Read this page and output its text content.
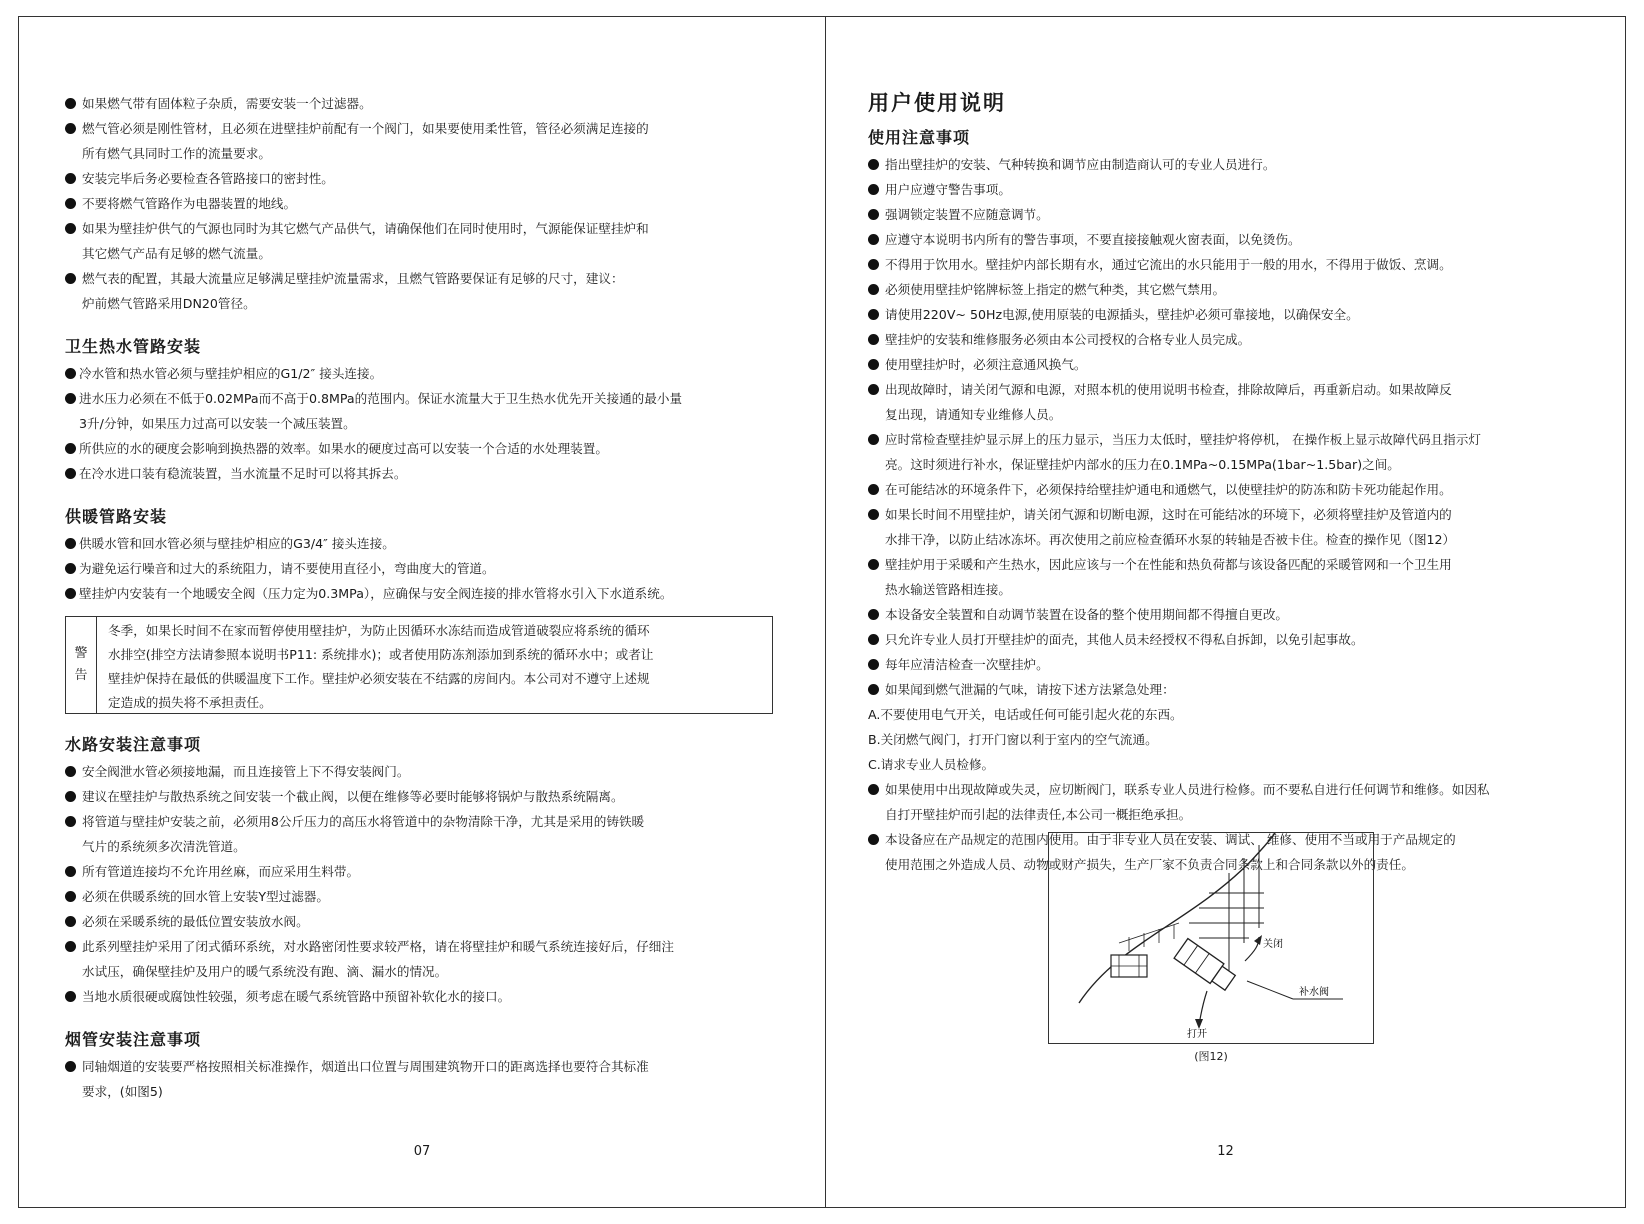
如果燃气带有固体粒子杂质，需要安装一个过滤器。
燃气管必须是刚性管材，且必须在进壁挂炉前配有一个阀门，如果要使用柔性管，管径必须满足连接的
所有燃气具同时工作的流量要求。
安装完毕后务必要检查各管路接口的密封性。
不要将燃气管路作为电器装置的地线。
如果为壁挂炉供气的气源也同时为其它燃气产品供气，请确保他们在同时使用时，气源能保证壁挂炉和
其它燃气产品有足够的燃气流量。
燃气表的配置，其最大流量应足够满足壁挂炉流量需求，且燃气管路要保证有足够的尺寸，建议：
炉前燃气管路采用DN20管径。
卫生热水管路安装
冷水管和热水管必须与壁挂炉相应的G1/2″ 接头连接。
进水压力必须在不低于0.02MPa而不高于0.8MPa的范围内。保证水流量大于卫生热水优先开关接通的最小量
3升/分钟，如果压力过高可以安装一个减压装置。
所供应的水的硬度会影响到换热器的效率。如果水的硬度过高可以安装一个合适的水处理装置。
在冷水进口装有稳流装置，当水流量不足时可以将其拆去。
供暖管路安装
供暖水管和回水管必须与壁挂炉相应的G3/4″ 接头连接。
为避免运行噪音和过大的系统阻力，请不要使用直径小，弯曲度大的管道。
壁挂炉内安装有一个地暖安全阀（压力定为0.3MPa），应确保与安全阀连接的排水管将水引入下水道系统。
警告
冬季，如果长时间不在家而暂停使用壁挂炉，为防止因循环水冻结而造成管道破裂应将系统的循环
水排空(排空方法请参照本说明书P11: 系统排水)；或者使用防冻剂添加到系统的循环水中；或者让
壁挂炉保持在最低的供暖温度下工作。壁挂炉必须安装在不结露的房间内。本公司对不遵守上述规
定造成的损失将不承担责任。
水路安装注意事项
安全阀泄水管必须接地漏，而且连接管上下不得安装阀门。
建议在壁挂炉与散热系统之间安装一个截止阀，以便在维修等必要时能够将锅炉与散热系统隔离。
将管道与壁挂炉安装之前，必须用8公斤压力的高压水将管道中的杂物清除干净，尤其是采用的铸铁暖
气片的系统须多次清洗管道。
所有管道连接均不允许用丝麻，而应采用生料带。
必须在供暖系统的回水管上安装Y型过滤器。
必须在采暖系统的最低位置安装放水阀。
此系列壁挂炉采用了闭式循环系统，对水路密闭性要求较严格，请在将壁挂炉和暖气系统连接好后，仔细注
水试压，确保壁挂炉及用户的暖气系统没有跑、滴、漏水的情况。
当地水质很硬或腐蚀性较强，须考虑在暖气系统管路中预留补软化水的接口。
烟管安装注意事项
同轴烟道的安装要严格按照相关标准操作，烟道出口位置与周围建筑物开口的距离选择也要符合其标准
要求，(如图5)
07
用户使用说明
使用注意事项
指出壁挂炉的安装、气种转换和调节应由制造商认可的专业人员进行。
用户应遵守警告事项。
强调锁定装置不应随意调节。
应遵守本说明书内所有的警告事项，不要直接接触观火窗表面，以免烫伤。
不得用于饮用水。壁挂炉内部长期有水，通过它流出的水只能用于一般的用水，不得用于做饭、烹调。
必须使用壁挂炉铭牌标签上指定的燃气种类，其它燃气禁用。
请使用220V~ 50Hz电源,使用原装的电源插头，壁挂炉必须可靠接地，以确保安全。
壁挂炉的安装和维修服务必须由本公司授权的合格专业人员完成。
使用壁挂炉时，必须注意通风换气。
出现故障时，请关闭气源和电源，对照本机的使用说明书检查，排除故障后，再重新启动。如果故障反
复出现，请通知专业维修人员。
应时常检查壁挂炉显示屏上的压力显示，当压力太低时，壁挂炉将停机， 在操作板上显示故障代码且指示灯
亮。这时须进行补水，保证壁挂炉内部水的压力在0.1MPa~0.15MPa(1bar~1.5bar)之间。
在可能结冰的环境条件下，必须保持给壁挂炉通电和通燃气，以使壁挂炉的防冻和防卡死功能起作用。
如果长时间不用壁挂炉，请关闭气源和切断电源，这时在可能结冰的环境下，必须将壁挂炉及管道内的
水排干净，以防止结冰冻坏。再次使用之前应检查循环水泵的转轴是否被卡住。检查的操作见（图12）
壁挂炉用于采暖和产生热水，因此应该与一个在性能和热负荷都与该设备匹配的采暖管网和一个卫生用
热水输送管路相连接。
本设备安全装置和自动调节装置在设备的整个使用期间都不得擅自更改。
只允许专业人员打开壁挂炉的面壳，其他人员未经授权不得私自拆卸，以免引起事故。
每年应清洁检查一次壁挂炉。
如果闻到燃气泄漏的气味，请按下述方法紧急处理：
A.不要使用电气开关，电话或任何可能引起火花的东西。
B.关闭燃气阀门，打开门窗以利于室内的空气流通。
C.请求专业人员检修。
如果使用中出现故障或失灵，应切断阀门，联系专业人员进行检修。而不要私自进行任何调节和维修。如因私
自打开壁挂炉而引起的法律责任,本公司一概拒绝承担。
本设备应在产品规定的范围内使用。由于非专业人员在安装、调试、 维修、使用不当或用于产品规定的
使用范围之外造成人员、动物或财产损失，生产厂家不负责合同条款上和合同条款以外的责任。
关闭
补水阀
打开
(图12)
12
